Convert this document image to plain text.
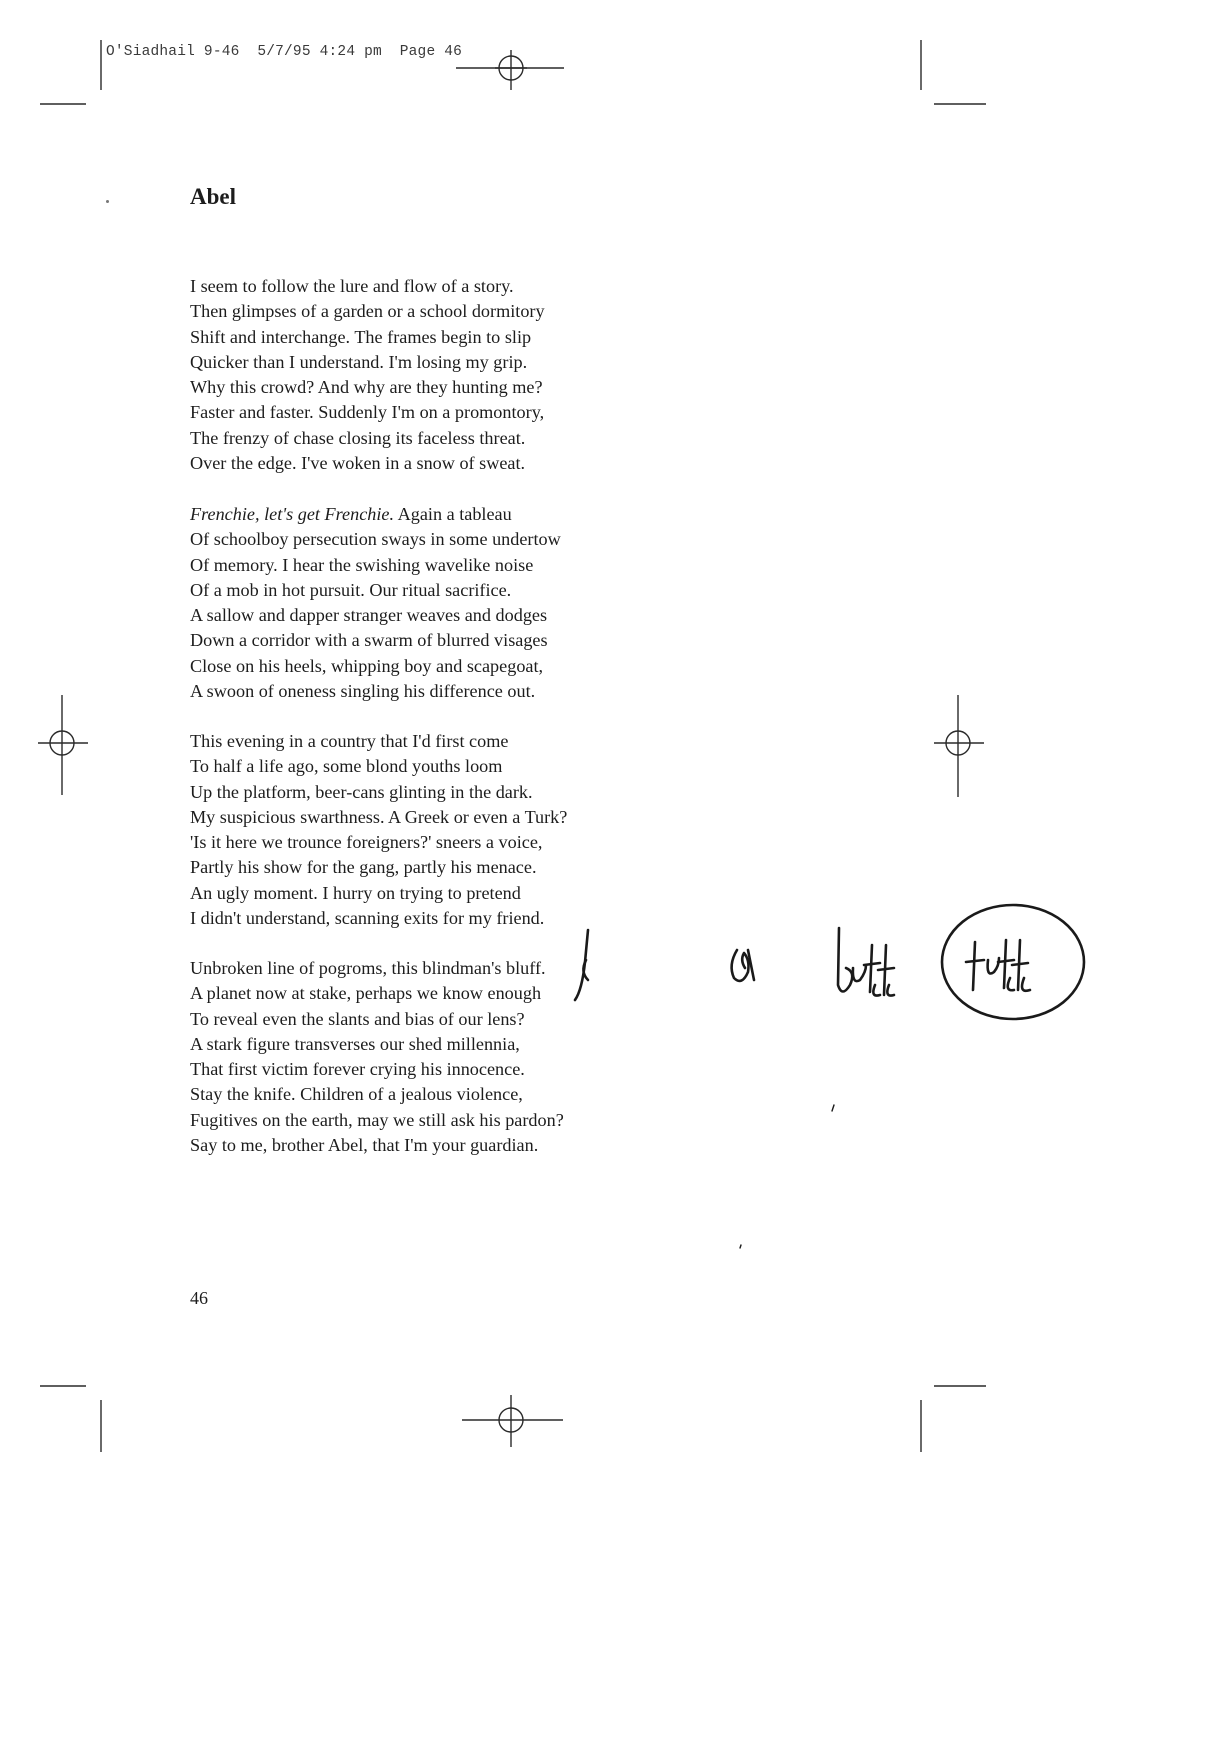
O'Siadhail 9-46  5/7/95 4:24 pm  Page 46
Abel

I seem to follow the lure and flow of a story.
Then glimpses of a garden or a school dormitory
Shift and interchange. The frames begin to slip
Quicker than I understand. I'm losing my grip.
Why this crowd? And why are they hunting me?
Faster and faster. Suddenly I'm on a promontory,
The frenzy of chase closing its faceless threat.
Over the edge. I've woken in a snow of sweat.

Frenchie, let's get Frenchie. Again a tableau
Of schoolboy persecution sways in some undertow
Of memory. I hear the swishing wavelike noise
Of a mob in hot pursuit. Our ritual sacrifice.
A sallow and dapper stranger weaves and dodges
Down a corridor with a swarm of blurred visages
Close on his heels, whipping boy and scapegoat,
A swoon of oneness singling his difference out.

This evening in a country that I'd first come
To half a life ago, some blond youths loom
Up the platform, beer-cans glinting in the dark.
My suspicious swarthness. A Greek or even a Turk?
'Is it here we trounce foreigners?' sneers a voice,
Partly his show for the gang, partly his menace.
An ugly moment. I hurry on trying to pretend
I didn't understand, scanning exits for my friend.

Unbroken line of pogroms, this blindman's bluff.
A planet now at stake, perhaps we know enough
To reveal even the slants and bias of our lens?
A stark figure transverses our shed millennia,
That first victim forever crying his innocence.
Stay the knife. Children of a jealous violence,
Fugitives on the earth, may we still ask his pardon?
Say to me, brother Abel, that I'm your guardian.

46
